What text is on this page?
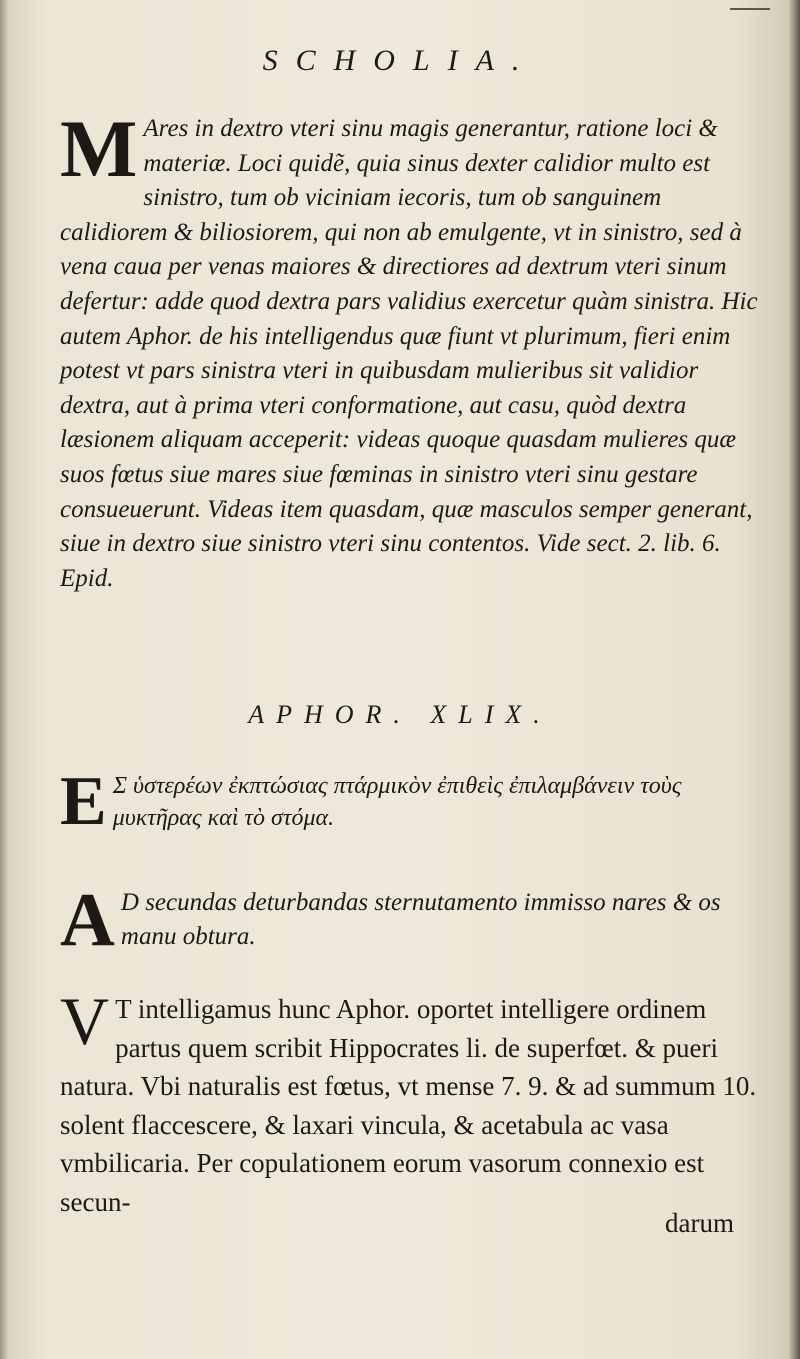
SCHOLIA.
M Ares in dextro vteri sinu magis generantur, ratione loci & materiæ. Loci quidẽ, quia sinus dexter calidior multo est sinistro, tum ob viciniam iecoris, tum ob sanguinem calidiorem & biliosiorem, qui non ab emulgente, vt in sinistro, sed à vena caua per venas maiores & directiores ad dextrum vteri sinum defertur: adde quod dextra pars validius exercetur quàm sinistra. Hic autem Aphor. de his intelligendus quæ fiunt vt plurimum, fieri enim potest vt pars sinistra vteri in quibusdam mulieribus sit validior dextra, aut à prima vteri conformatione, aut casu, quòd dextra læsionem aliquam acceperit: videas quoque quasdam mulieres quæ suos fœtus siue mares siue fœminas in sinistro vteri sinu gestare consueuerunt. Videas item quasdam, quæ masculos semper generant, siue in dextro siue sinistro vteri sinu contentos. Vide sect. 2. lib. 6. Epid.
APHOR. XLIX.
E Σ ὑστερέων ἐκπτώσιας πτάρμικὸν ἐπιθεὶς ἐπιλαμβάνειν τοὺς μυκτῆρας καὶ τὸ στόμα.
A D secundas deturbandas sternutamento immisso nares & os manu obtura.
V T intelligamus hunc Aphor. oportet intelligere ordinem partus quem scribit Hippocrates li. de superfœt. & pueri natura. Vbi naturalis est fœtus, vt mense 7. 9. & ad summum 10. solent flaccescere, & laxari vincula, & acetabula ac vasa vmbilicaria. Per copulationem eorum vasorum connexio est secun-
darum
